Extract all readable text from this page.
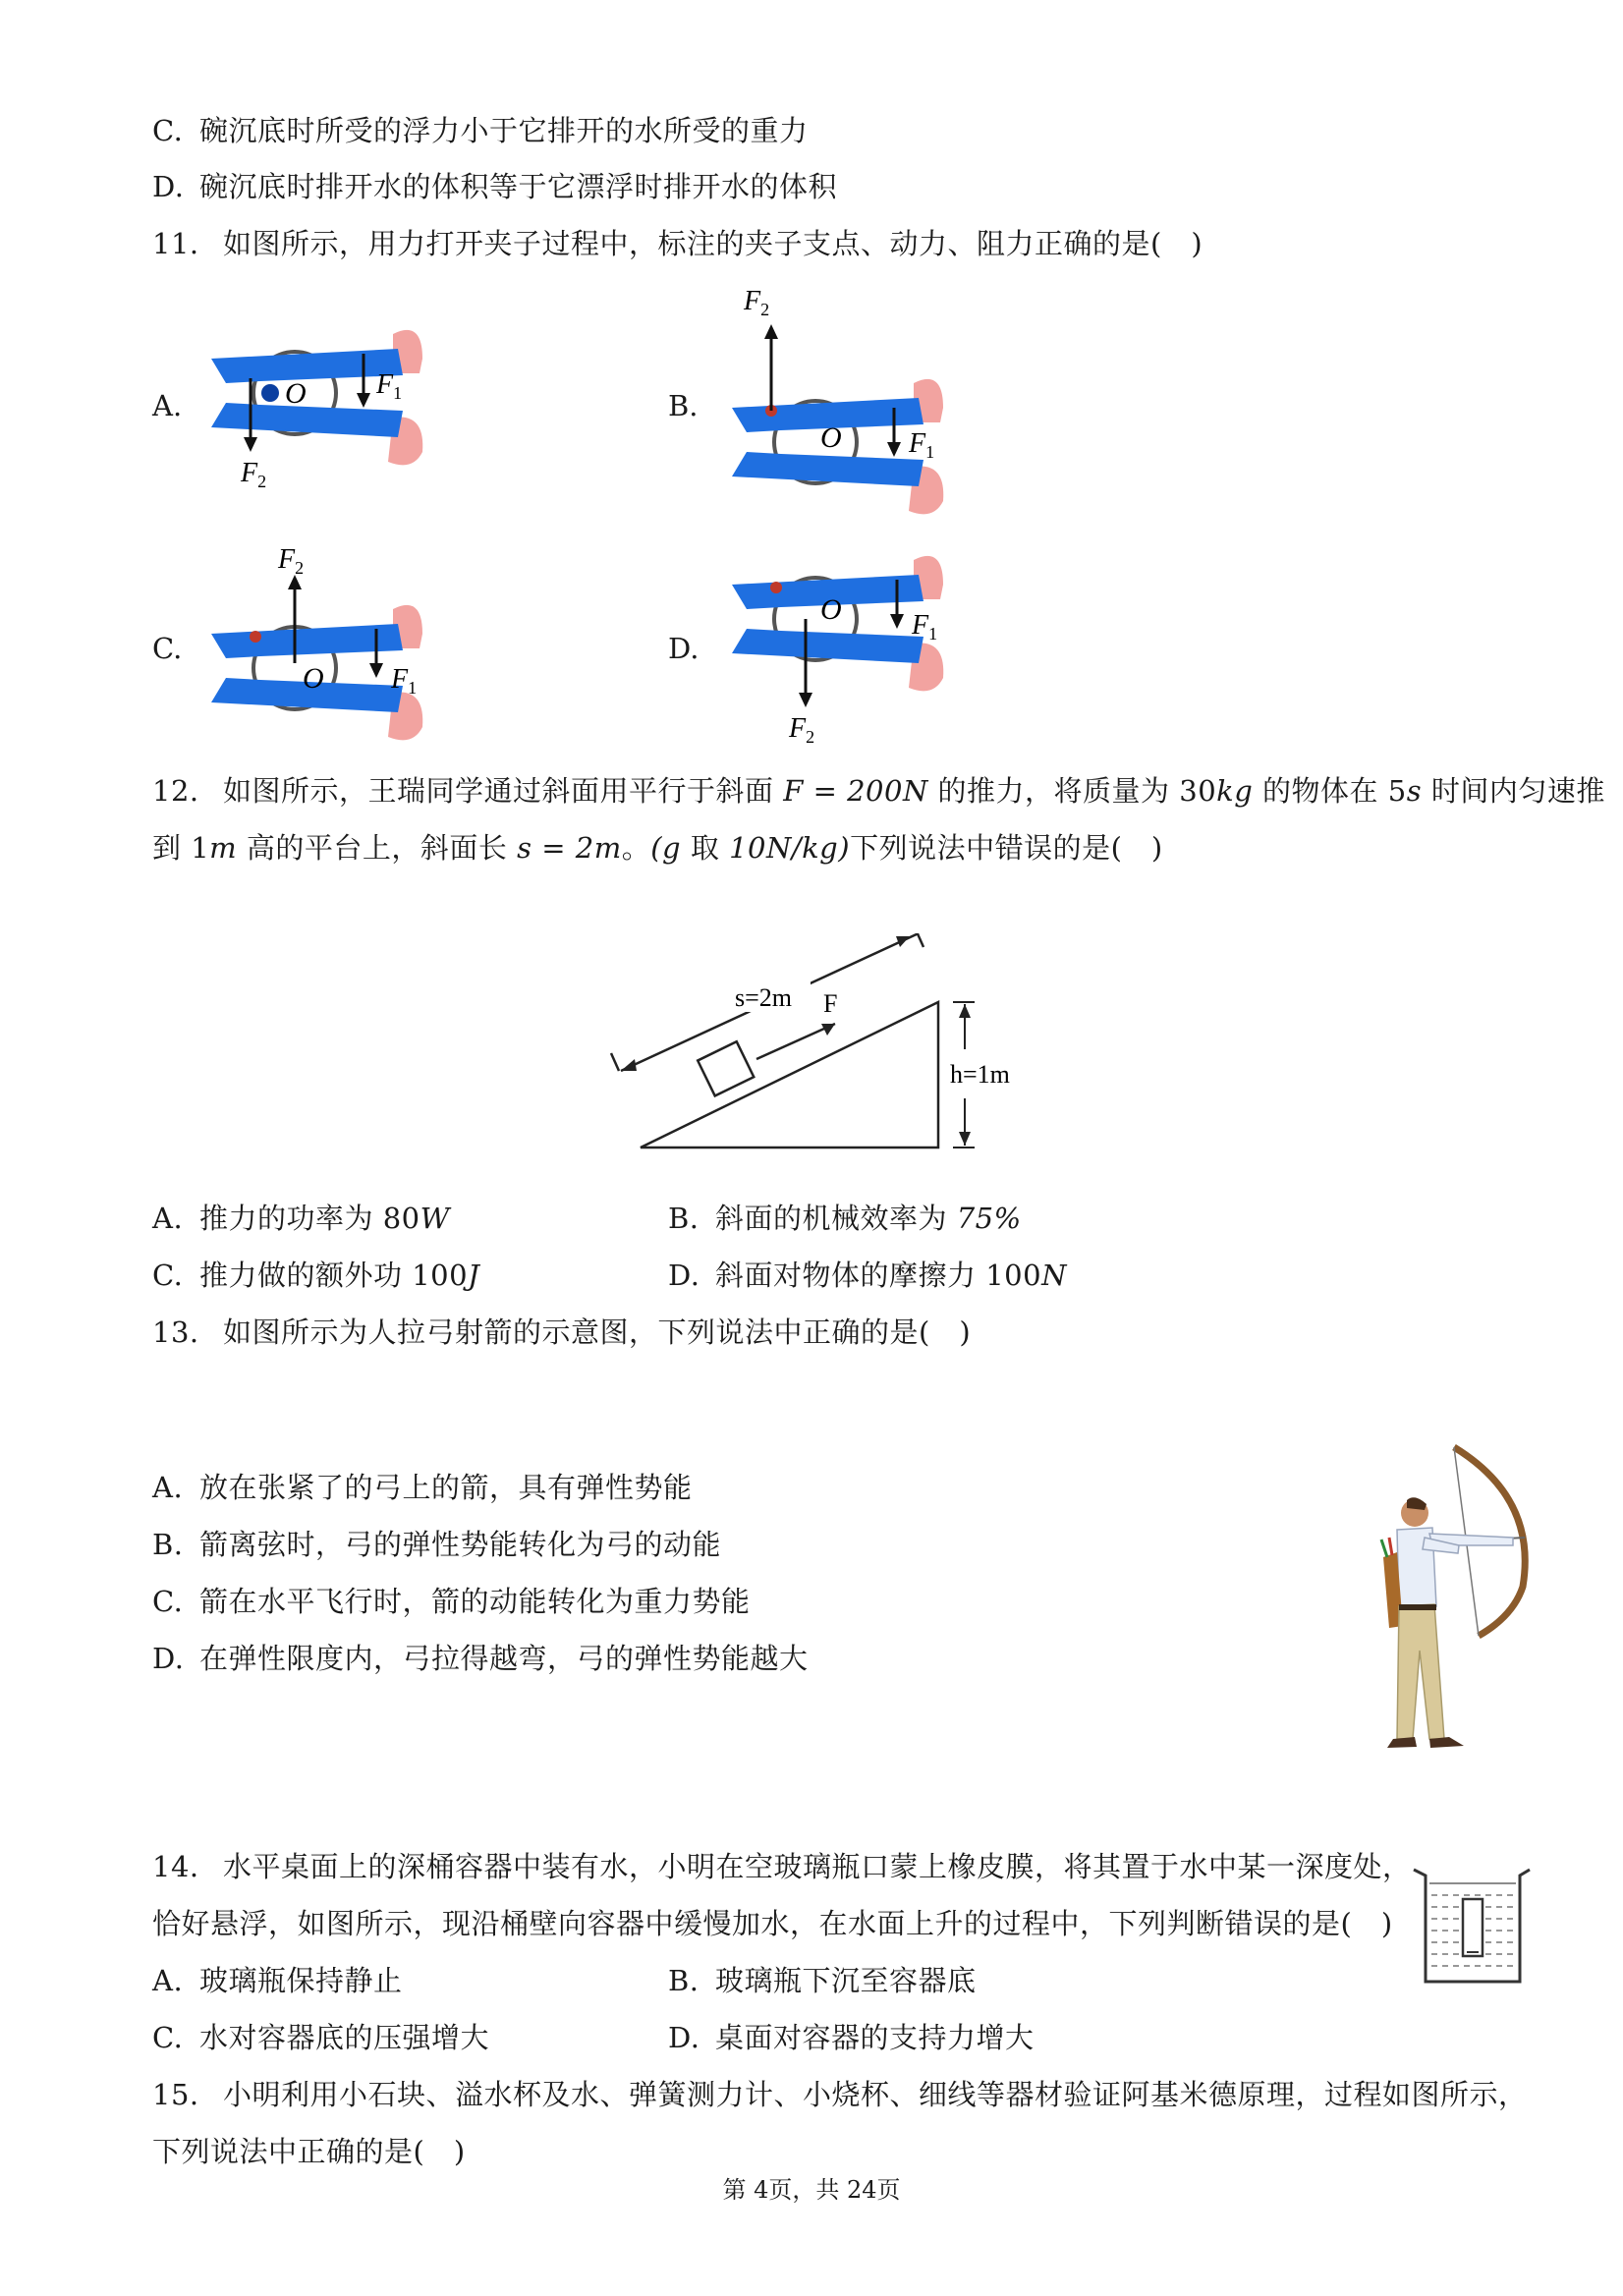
C. 碗沉底时所受的浮力小于它排开的水所受的重力
D. 碗沉底时排开水的体积等于它漂浮时排开水的体积
11. 如图所示，用力打开夹子过程中，标注的夹子支点、动力、阻力正确的是(　)
A.	B.
C.	D.
O	$F_1$
$F_2$
O $F_1$
$F_2$
O $F_1$
$F_2$
O	$F_1$
$F_2$
12. 如图所示，王瑞同学通过斜面用平行于斜面 F = 200N 的推力，将质量为 30kg 的物体在 5s 时间内匀速推
到 1m 高的平台上，斜面长 s = 2m。(g 取 10N/kg)下列说法中错误的是(　)
F
s=2m
h=1m
A. 推力的功率为 80W	B. 斜面的机械效率为 75%
C. 推力做的额外功 100J	D. 斜面对物体的摩擦力 100N
13. 如图所示为人拉弓射箭的示意图，下列说法中正确的是(　)
A. 放在张紧了的弓上的箭，具有弹性势能
B. 箭离弦时，弓的弹性势能转化为弓的动能
C. 箭在水平飞行时，箭的动能转化为重力势能
D. 在弹性限度内，弓拉得越弯，弓的弹性势能越大
14. 水平桌面上的深桶容器中装有水，小明在空玻璃瓶口蒙上橡皮膜，将其置于水中某一深度处，
恰好悬浮，如图所示，现沿桶壁向容器中缓慢加水，在水面上升的过程中，下列判断错误的是(　)
A. 玻璃瓶保持静止	B. 玻璃瓶下沉至容器底
C. 水对容器底的压强增大	D. 桌面对容器的支持力增大
15. 小明利用小石块、溢水杯及水、弹簧测力计、小烧杯、细线等器材验证阿基米德原理，过程如图所示，
下列说法中正确的是(　)
第 4页，共 24页
